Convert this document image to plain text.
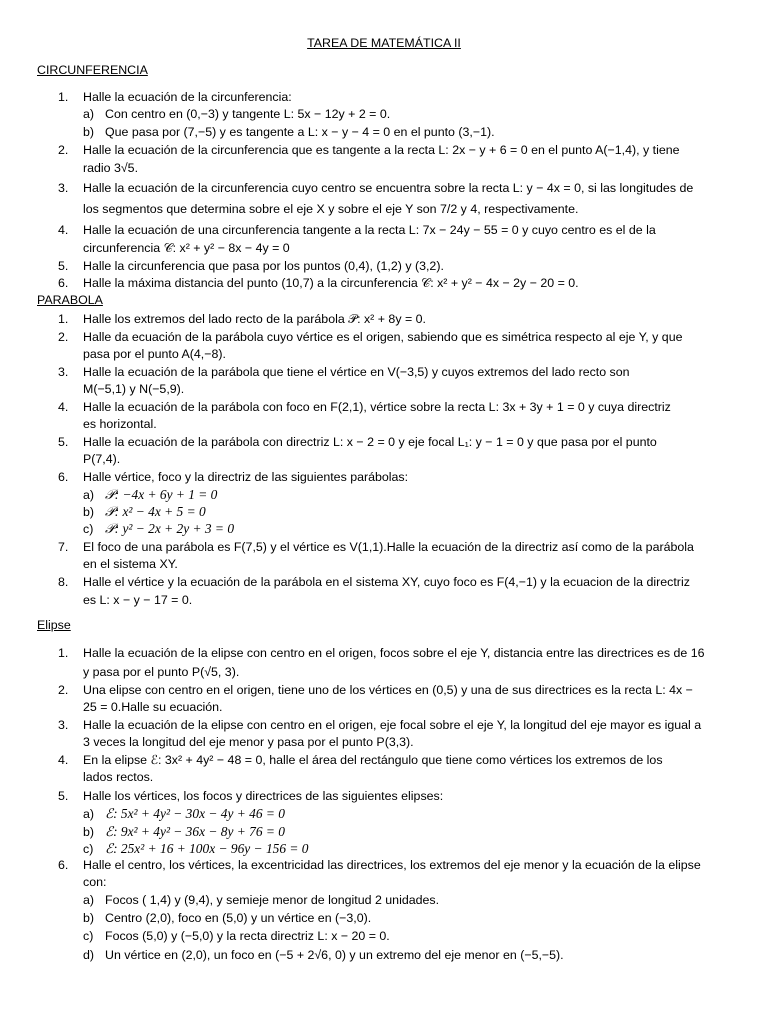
TAREA DE MATEMÁTICA II
CIRCUNFERENCIA
1.	Halle la ecuación de la circunferencia:
a) Con centro en (0,−3) y tangente L: 5x − 12y + 2 = 0.
b) Que pasa por (7,−5) y es tangente a L: x − y − 4 = 0 en el punto (3,−1).
2.	Halle la ecuación de la circunferencia que es tangente a la recta L: 2x − y + 6 = 0 en el punto A(−1,4), y tiene
radio 3√5.
3.	Halle la ecuación de la circunferencia cuyo centro se encuentra sobre la recta L: y − 4x = 0, si las longitudes de
los segmentos que determina sobre el eje X y sobre el eje Y son 7/2 y 4, respectivamente.
4.	Halle la ecuación de una circunferencia tangente a la recta L: 7x − 24y − 55 = 0 y cuyo centro es el de la
circunferencia 𝒞: x² + y² − 8x − 4y = 0
5.	Halle la circunferencia que pasa por los puntos (0,4), (1,2) y (3,2).
6.	Halle la máxima distancia del punto (10,7) a la circunferencia 𝒞: x² + y² − 4x − 2y − 20 = 0.
PARABOLA
1.	Halle los extremos del lado recto de la parábola 𝒫: x² + 8y = 0.
2.	Halle da ecuación de la parábola cuyo vértice es el origen, sabiendo que es simétrica respecto al eje Y, y que
pasa por el punto A(4,−8).
3.	Halle la ecuación de la parábola que tiene el vértice en V(−3,5) y cuyos extremos del lado recto son
M(−5,1) y N(−5,9).
4.	Halle la ecuación de la parábola con foco en F(2,1), vértice sobre la recta L: 3x + 3y + 1 = 0 y cuya directriz
es horizontal.
5.	Halle la ecuación de la parábola con directriz L: x − 2 = 0 y eje focal L₁: y − 1 = 0 y que pasa por el punto
P(7,4).
6.	Halle vértice, foco y la directriz de las siguientes parábolas:
a) 𝒫: −4x + 6y + 1 = 0
b) 𝒫: x² − 4x + 5 = 0
c) 𝒫: y² − 2x + 2y + 3 = 0
7.	El foco de una parábola es F(7,5) y el vértice es V(1,1).Halle la ecuación de la directriz así como de la parábola
en el sistema XY.
8.	Halle el vértice y la ecuación de la parábola en el sistema XY, cuyo foco es F(4,−1) y la ecuacion de la directriz
es L: x − y − 17 = 0.
Elipse
1.	Halle la ecuación de la elipse con centro en el origen, focos sobre el eje Y, distancia entre las directrices es de 16
y pasa por el punto P(√5, 3).
2.	Una elipse con centro en el origen, tiene uno de los vértices en (0,5) y una de sus directrices es la recta L: 4x −
25 = 0.Halle su ecuación.
3.	Halle la ecuación de la elipse con centro en el origen, eje focal sobre el eje Y, la longitud del eje mayor es igual a
3 veces la longitud del eje menor y pasa por el punto P(3,3).
4.	En la elipse ℰ: 3x² + 4y² − 48 = 0, halle el área del rectángulo que tiene como vértices los extremos de los
lados rectos.
5.	Halle los vértices, los focos y directrices de las siguientes elipses:
a) ℰ: 5x² + 4y² − 30x − 4y + 46 = 0
b) ℰ: 9x² + 4y² − 36x − 8y + 76 = 0
c) ℰ: 25x² + 16 + 100x − 96y − 156 = 0
6.	Halle el centro, los vértices, la excentricidad las directrices, los extremos del eje menor y la ecuación de la elipse
con:
a) Focos ( 1,4) y (9,4), y semieje menor de longitud 2 unidades.
b) Centro (2,0), foco en (5,0) y un vértice en (−3,0).
c) Focos (5,0) y (−5,0) y la recta directriz L: x − 20 = 0.
d) Un vértice en (2,0), un foco en (−5 + 2√6, 0) y un extremo del eje menor en (−5,−5).
